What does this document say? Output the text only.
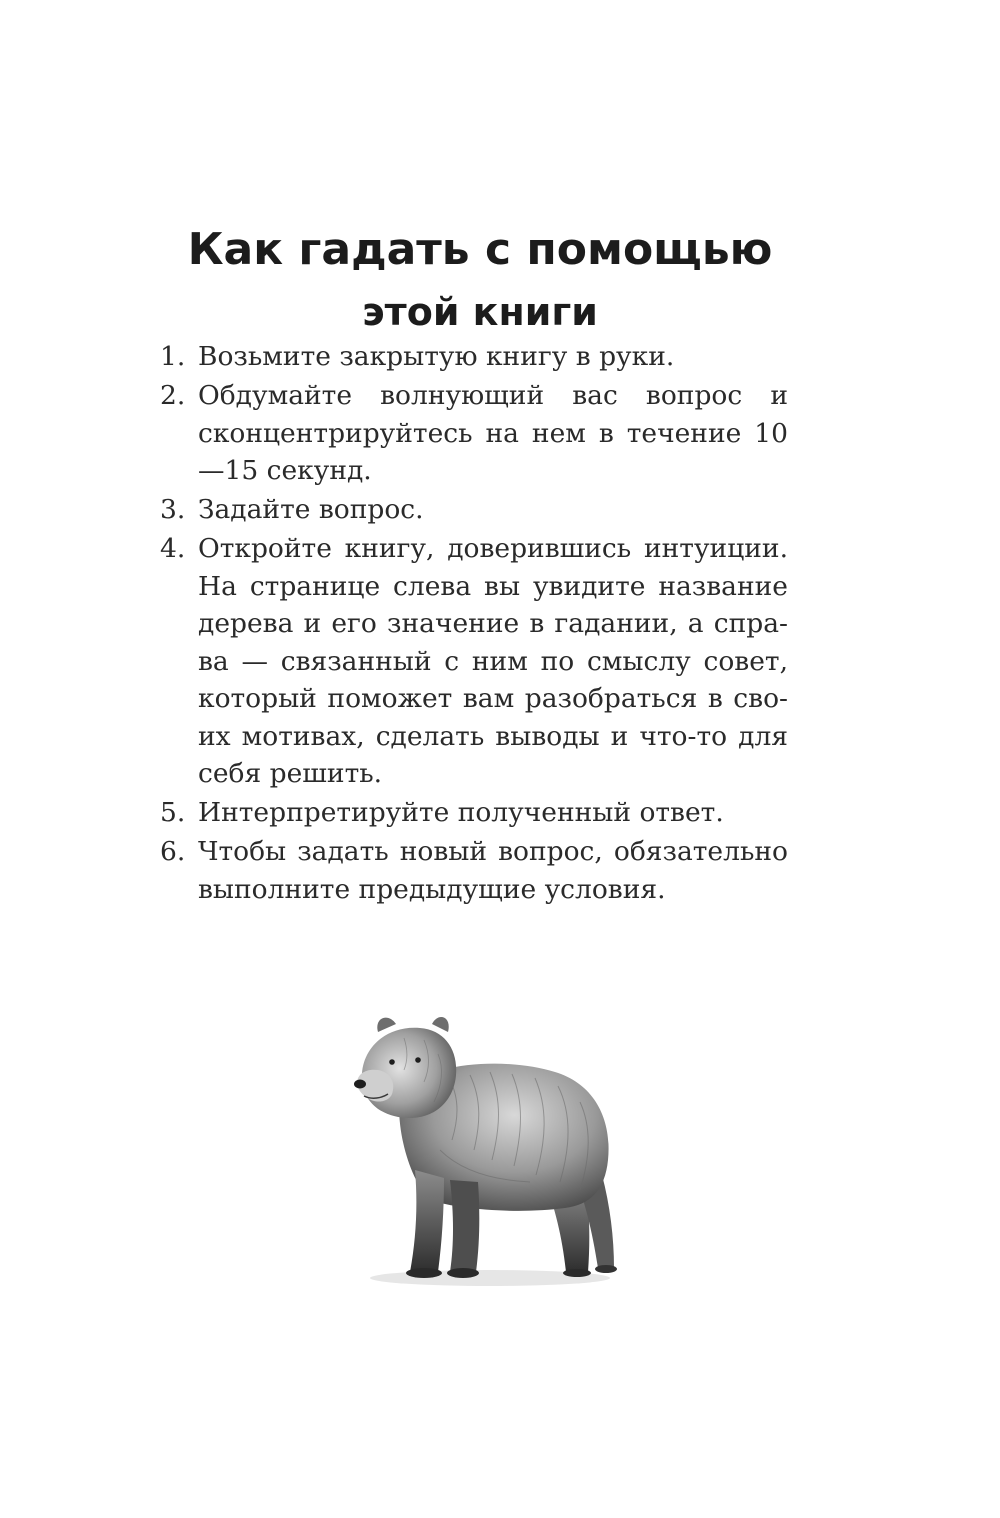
Как гадать с помощью
этой книги
1. Возьмите закрытую книгу в руки.
2. Обдумайте волнующий вас вопрос и сконцентрируйтесь на нем в течение 10—15 секунд.
3. Задайте вопрос.
4. Откройте книгу, доверившись интуиции. На странице слева вы увидите название дерева и его значение в гадании, а справа — связанный с ним по смыслу совет, который поможет вам разобраться в своих мотивах, сделать выводы и что-то для себя решить.
5. Интерпретируйте полученный ответ.
6. Чтобы задать новый вопрос, обязательно выполните предыдущие условия.
